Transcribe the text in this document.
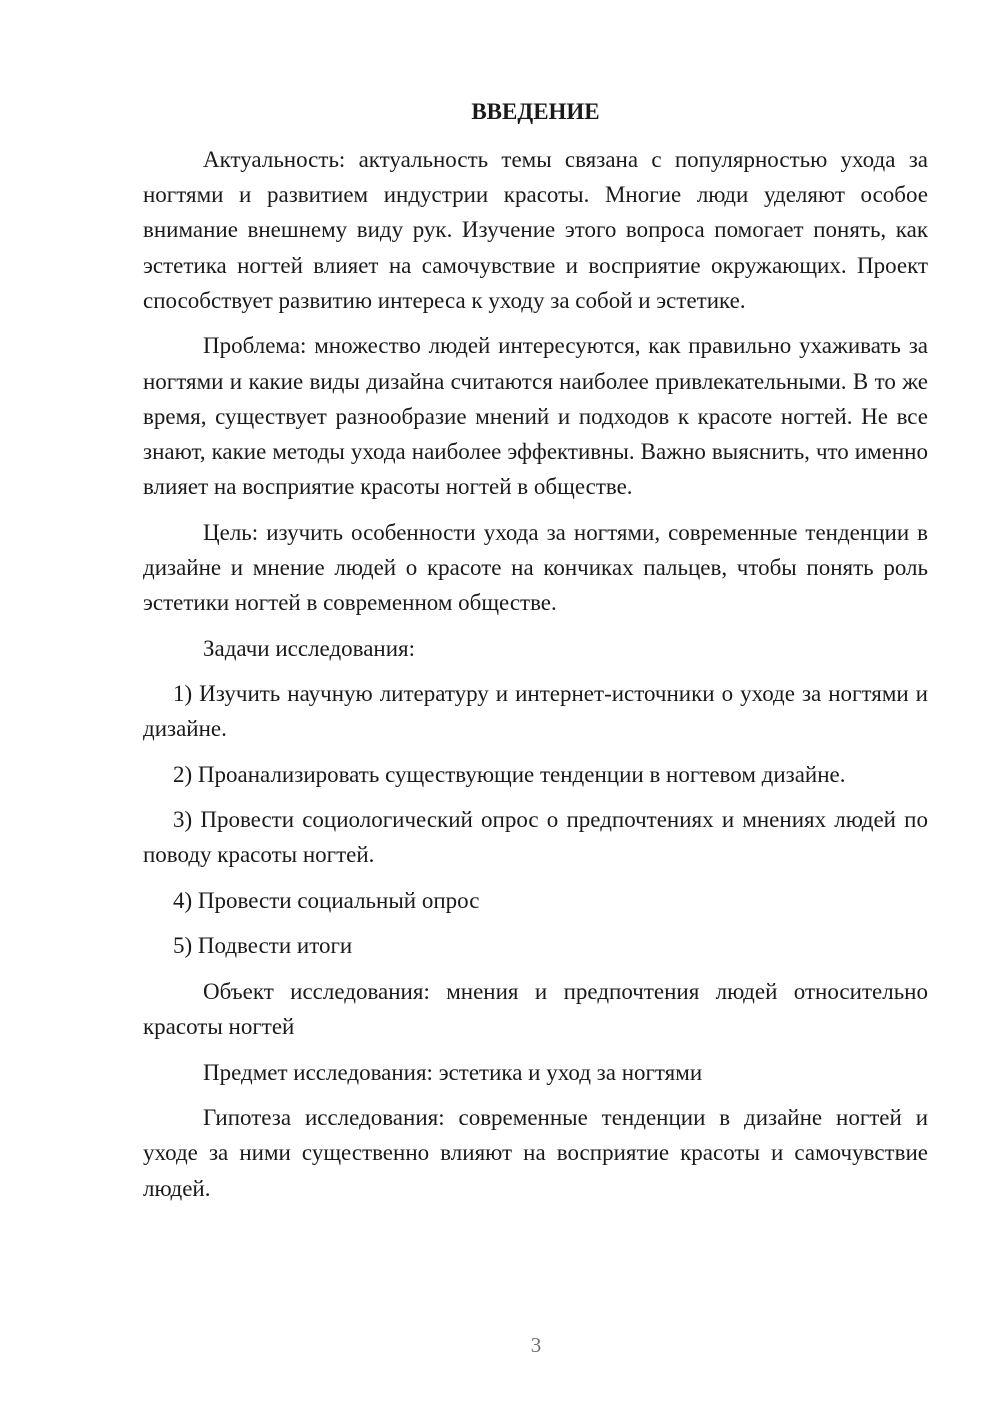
ВВЕДЕНИЕ

Актуальность: актуальность темы связана с популярностью ухода за ногтями и развитием индустрии красоты. Многие люди уделяют особое внимание внешнему виду рук. Изучение этого вопроса помогает понять, как эстетика ногтей влияет на самочувствие и восприятие окружающих. Проект способствует развитию интереса к уходу за собой и эстетике.

Проблема: множество людей интересуются, как правильно ухаживать за ногтями и какие виды дизайна считаются наиболее привлекательными. В то же время, существует разнообразие мнений и подходов к красоте ногтей. Не все знают, какие методы ухода наиболее эффективны. Важно выяснить, что именно влияет на восприятие красоты ногтей в обществе.

Цель: изучить особенности ухода за ногтями, современные тенденции в дизайне и мнение людей о красоте на кончиках пальцев, чтобы понять роль эстетики ногтей в современном обществе.

Задачи исследования:

1) Изучить научную литературу и интернет-источники о уходе за ногтями и дизайне.

2) Проанализировать существующие тенденции в ногтевом дизайне.

3) Провести социологический опрос о предпочтениях и мнениях людей по поводу красоты ногтей.

4) Провести социальный опрос

5) Подвести итоги

Объект исследования: мнения и предпочтения людей относительно красоты ногтей

Предмет исследования: эстетика и уход за ногтями

Гипотеза исследования: современные тенденции в дизайне ногтей и уходе за ними существенно влияют на восприятие красоты и самочувствие людей.

3
